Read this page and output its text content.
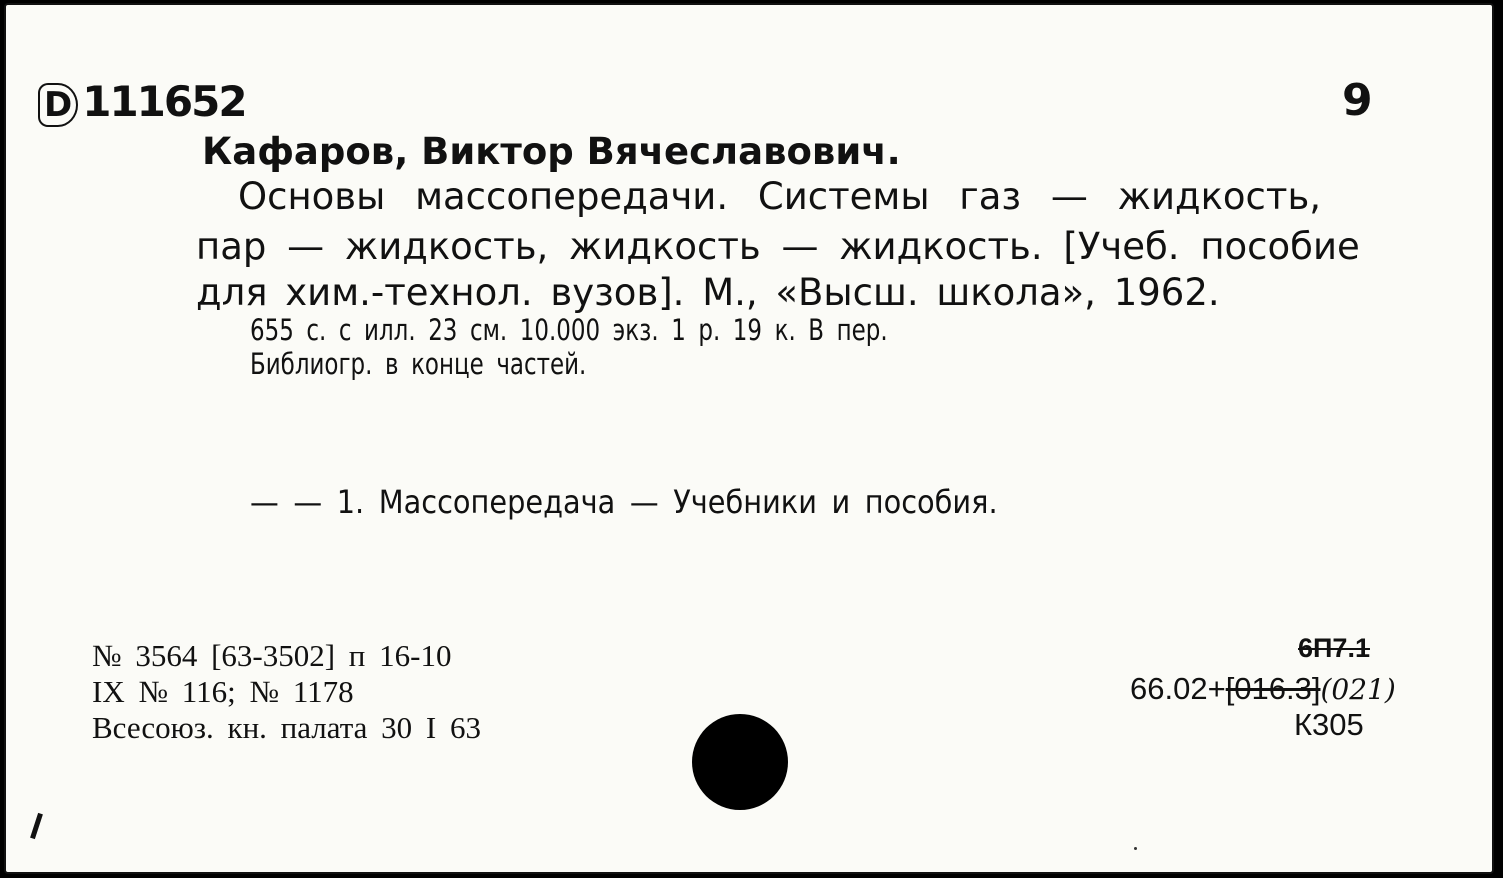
D 111652	9
Кафаров, Виктор Вячеславович.
Основы массопередачи. Системы газ — жидкость,
пар — жидкость, жидкость — жидкость. [Учеб. пособие
для хим.-технол. вузов]. М., «Высш. школа», 1962.
655 с. с илл. 23 см. 10.000 экз. 1 р. 19 к. В пер.
Библиогр. в конце частей.
— — 1. Массопередача — Учебники и пособия.
№ 3564 [63-3502] п 16-10
IX № 116; № 1178
Всесоюз. кн. палата 30 I 63
6П7.1
66.02+[016.3](021)
К305
